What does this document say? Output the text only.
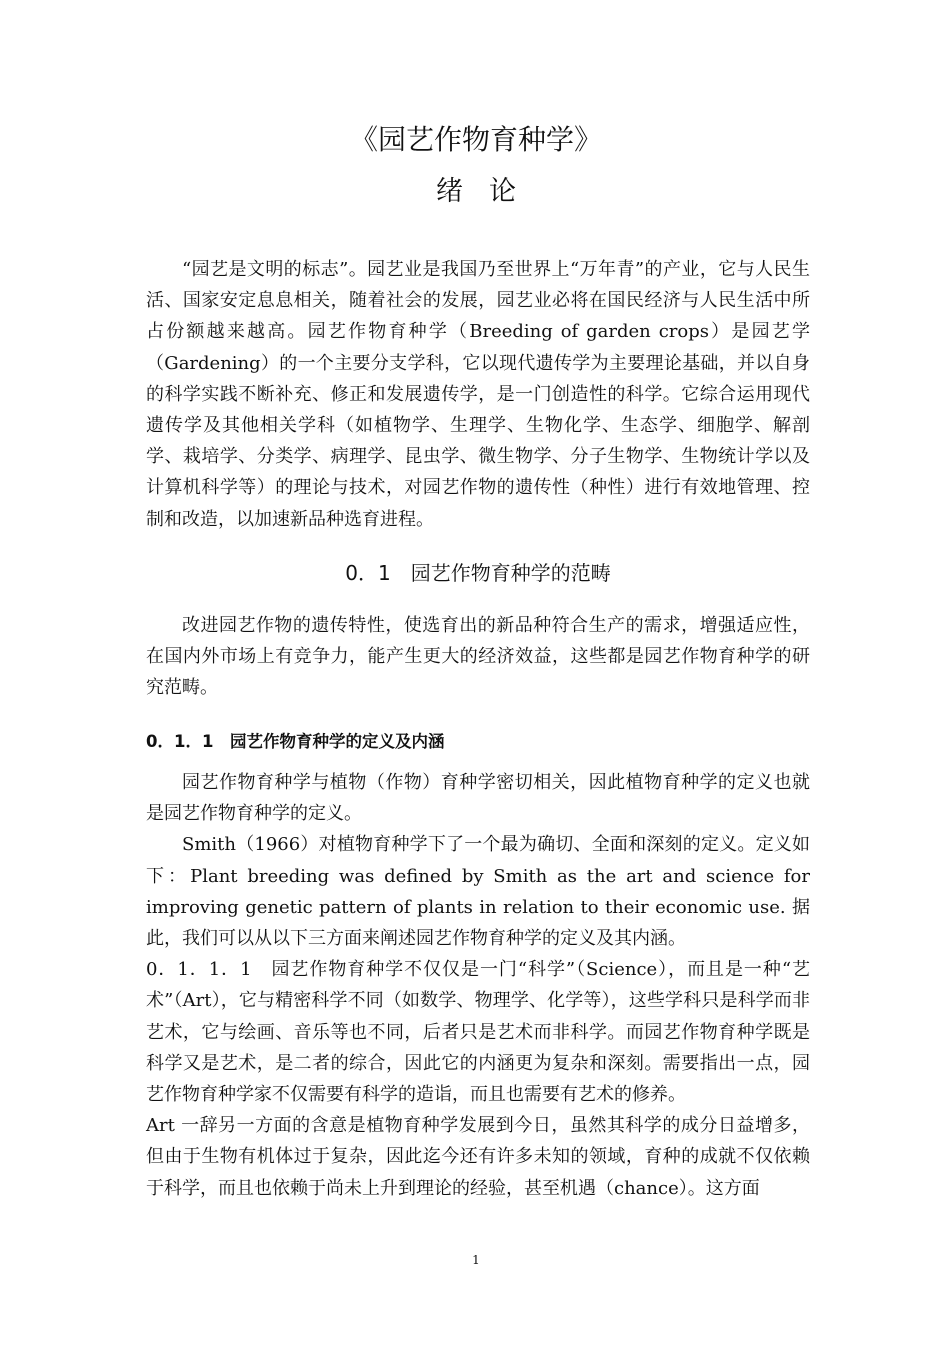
《园艺作物育种学》
绪论

“园艺是文明的标志”。园艺业是我国乃至世界上“万年青”的产业，它与人民生活、国家安定息息相关，随着社会的发展，园艺业必将在国民经济与人民生活中所占份额越来越高。园艺作物育种学（Breeding of garden crops）是园艺学（Gardening）的一个主要分支学科，它以现代遗传学为主要理论基础，并以自身的科学实践不断补充、修正和发展遗传学，是一门创造性的科学。它综合运用现代遗传学及其他相关学科（如植物学、生理学、生物化学、生态学、细胞学、解剖学、栽培学、分类学、病理学、昆虫学、微生物学、分子生物学、生物统计学以及计算机科学等）的理论与技术，对园艺作物的遗传性（种性）进行有效地管理、控制和改造，以加速新品种选育进程。

0．1　园艺作物育种学的范畴

改进园艺作物的遗传特性，使选育出的新品种符合生产的需求，增强适应性，在国内外市场上有竞争力，能产生更大的经济效益，这些都是园艺作物育种学的研究范畴。

0．1．1　园艺作物育种学的定义及内涵

园艺作物育种学与植物（作物）育种学密切相关，因此植物育种学的定义也就是园艺作物育种学的定义。

Smith（1966）对植物育种学下了一个最为确切、全面和深刻的定义。定义如下：Plant breeding was defined by Smith as the art and science for improving genetic pattern of plants in relation to their economic use. 据此，我们可以从以下三方面来阐述园艺作物育种学的定义及其内涵。

0．1．1．1　园艺作物育种学不仅仅是一门“科学”（Science），而且是一种“艺术”（Art），它与精密科学不同（如数学、物理学、化学等），这些学科只是科学而非艺术，它与绘画、音乐等也不同，后者只是艺术而非科学。而园艺作物育种学既是科学又是艺术，是二者的综合，因此它的内涵更为复杂和深刻。需要指出一点，园艺作物育种学家不仅需要有科学的造诣，而且也需要有艺术的修养。

Art 一辞另一方面的含意是植物育种学发展到今日，虽然其科学的成分日益增多，但由于生物有机体过于复杂，因此迄今还有许多未知的领域，育种的成就不仅依赖于科学，而且也依赖于尚未上升到理论的经验，甚至机遇（chance）。这方面

1
